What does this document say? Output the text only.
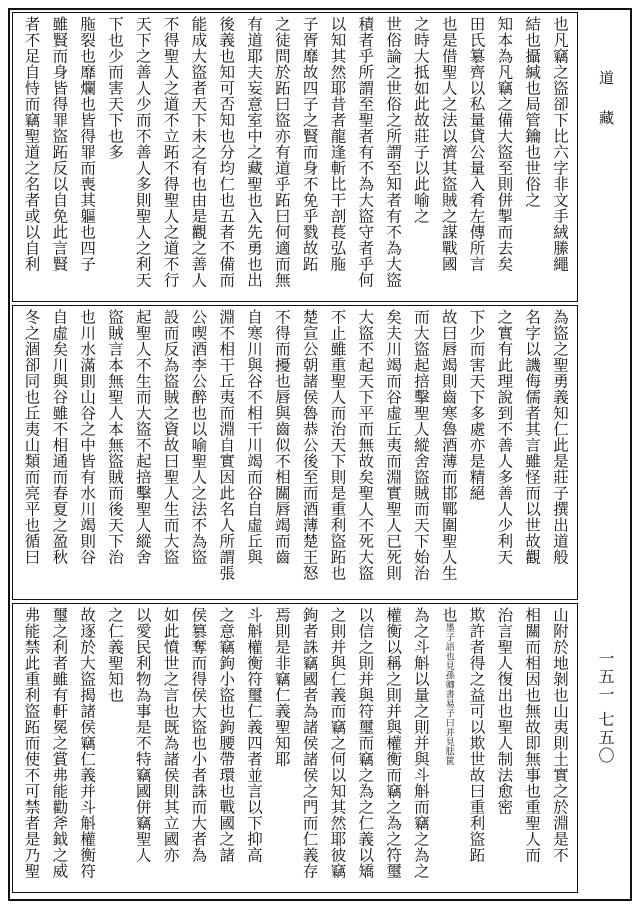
也凡竊之盜卻下比六字非文手絨縢繩
結也攝緘也局管鑰也世俗之
知本為凡竊之備大盜至則併掣而去矣
田氏簒齊以私量貸公量入肴左傳所言
也是借聖人之法以濟其盜賊之謀戰國
之時大抵如此故莊子以此喻之
世俗論之世俗之所謂至知者有不為大盜
積者乎所謂至聖者有不為大盜守者乎何
以知其然耶昔者龍逢斬比干剖萇弘胣
子胥靡故四子之賢而身不免乎戮故跖
之徒問於跖曰盜亦有道乎跖曰何適而無
有道耶夫妄意室中之藏聖也入先勇也出
後義也知可否知也分均仁也五者不備而
能成大盜者天下未之有也由是觀之善人
不得聖人之道不立跖不得聖人之道不行
天下之善人少而不善人多則聖人之利天
下也少而害天下也多
胣裂也靡爛也皆得罪而喪其軀也四子
雖賢而身皆得罪盜跖反以自免此言賢
者不足自恃而竊聖道之名者或以自利
為盜之聖勇義知仁此是莊子撰出道般
名字以譏侮儒者其言雖怪而以世故觀
之實有此理說到不善人多善人少利天
下少而害天下多處亦是精絕
故曰唇竭則齒寒魯酒薄而邯鄲圍聖人生
而大盜起掊擊聖人縱舍盜賊而天下始治
矣夫川竭而谷虛丘夷而淵實聖人已死則
大盜不起天下平而無故矣聖人不死大盜
不止雖重聖人而治天下則是重利盜跖也
楚宣公朝諸侯魯恭公後至而酒薄楚王怒
不得而擾也唇與齒似不相關唇竭而齒
自寒川與谷不相干川竭而谷自虛丘與
淵不相干丘夷而淵自實因此名人所謂張
公喫酒李公醉也以喻聖人之法不為盜
設而反為盜賊之資故曰聖人生而大盜
起聖人不生而大盜不起掊擊聖人縱舍
盜賊言本無聖人本無盜賊而後天下治
也川水滿則山谷之中皆有水川竭則谷
自虛矣川與谷雖不相通而春夏之盈秋
冬之涸卻同也丘夷山類而亮平也循曰
山附於地剝也山夷則土實之於淵是不
相關而相因也無故即無事也重聖人而
治言聖人復出也聖人制法愈密
欺許者得之益可以欺世故曰重利盜跖
也墨子語也見孫卿書易子曰并見胠篋
為之斗斛以量之則并與斗斛而竊之為之
權衡以稱之則并與權衡而竊之為之符璽
以信之則并與符璽而竊之為之仁義以矯
之則并與仁義而竊之何以知其然耶彼竊
鉤者誅竊國者為諸侯諸侯之門而仁義存
焉則是非竊仁義聖知耶
斗斛權衡符璽仁義四者並言以下抑高
之意竊鉤小盜也鉤腰帶環也戰國之諸
侯篡奪而得侯大盜也小者誅而大者為
如此憤世之言也既為諸侯則其立國亦
以愛民利物為事是不特竊國併竊聖人
之仁義聖知也
故逐於大盜揭諸侯竊仁義并斗斛權衡符
璽之利者雖有軒冕之賞弗能勸斧鉞之威
弗能禁此重利盜跖而使不可禁者是乃聖
道 藏
一五一 七五〇
